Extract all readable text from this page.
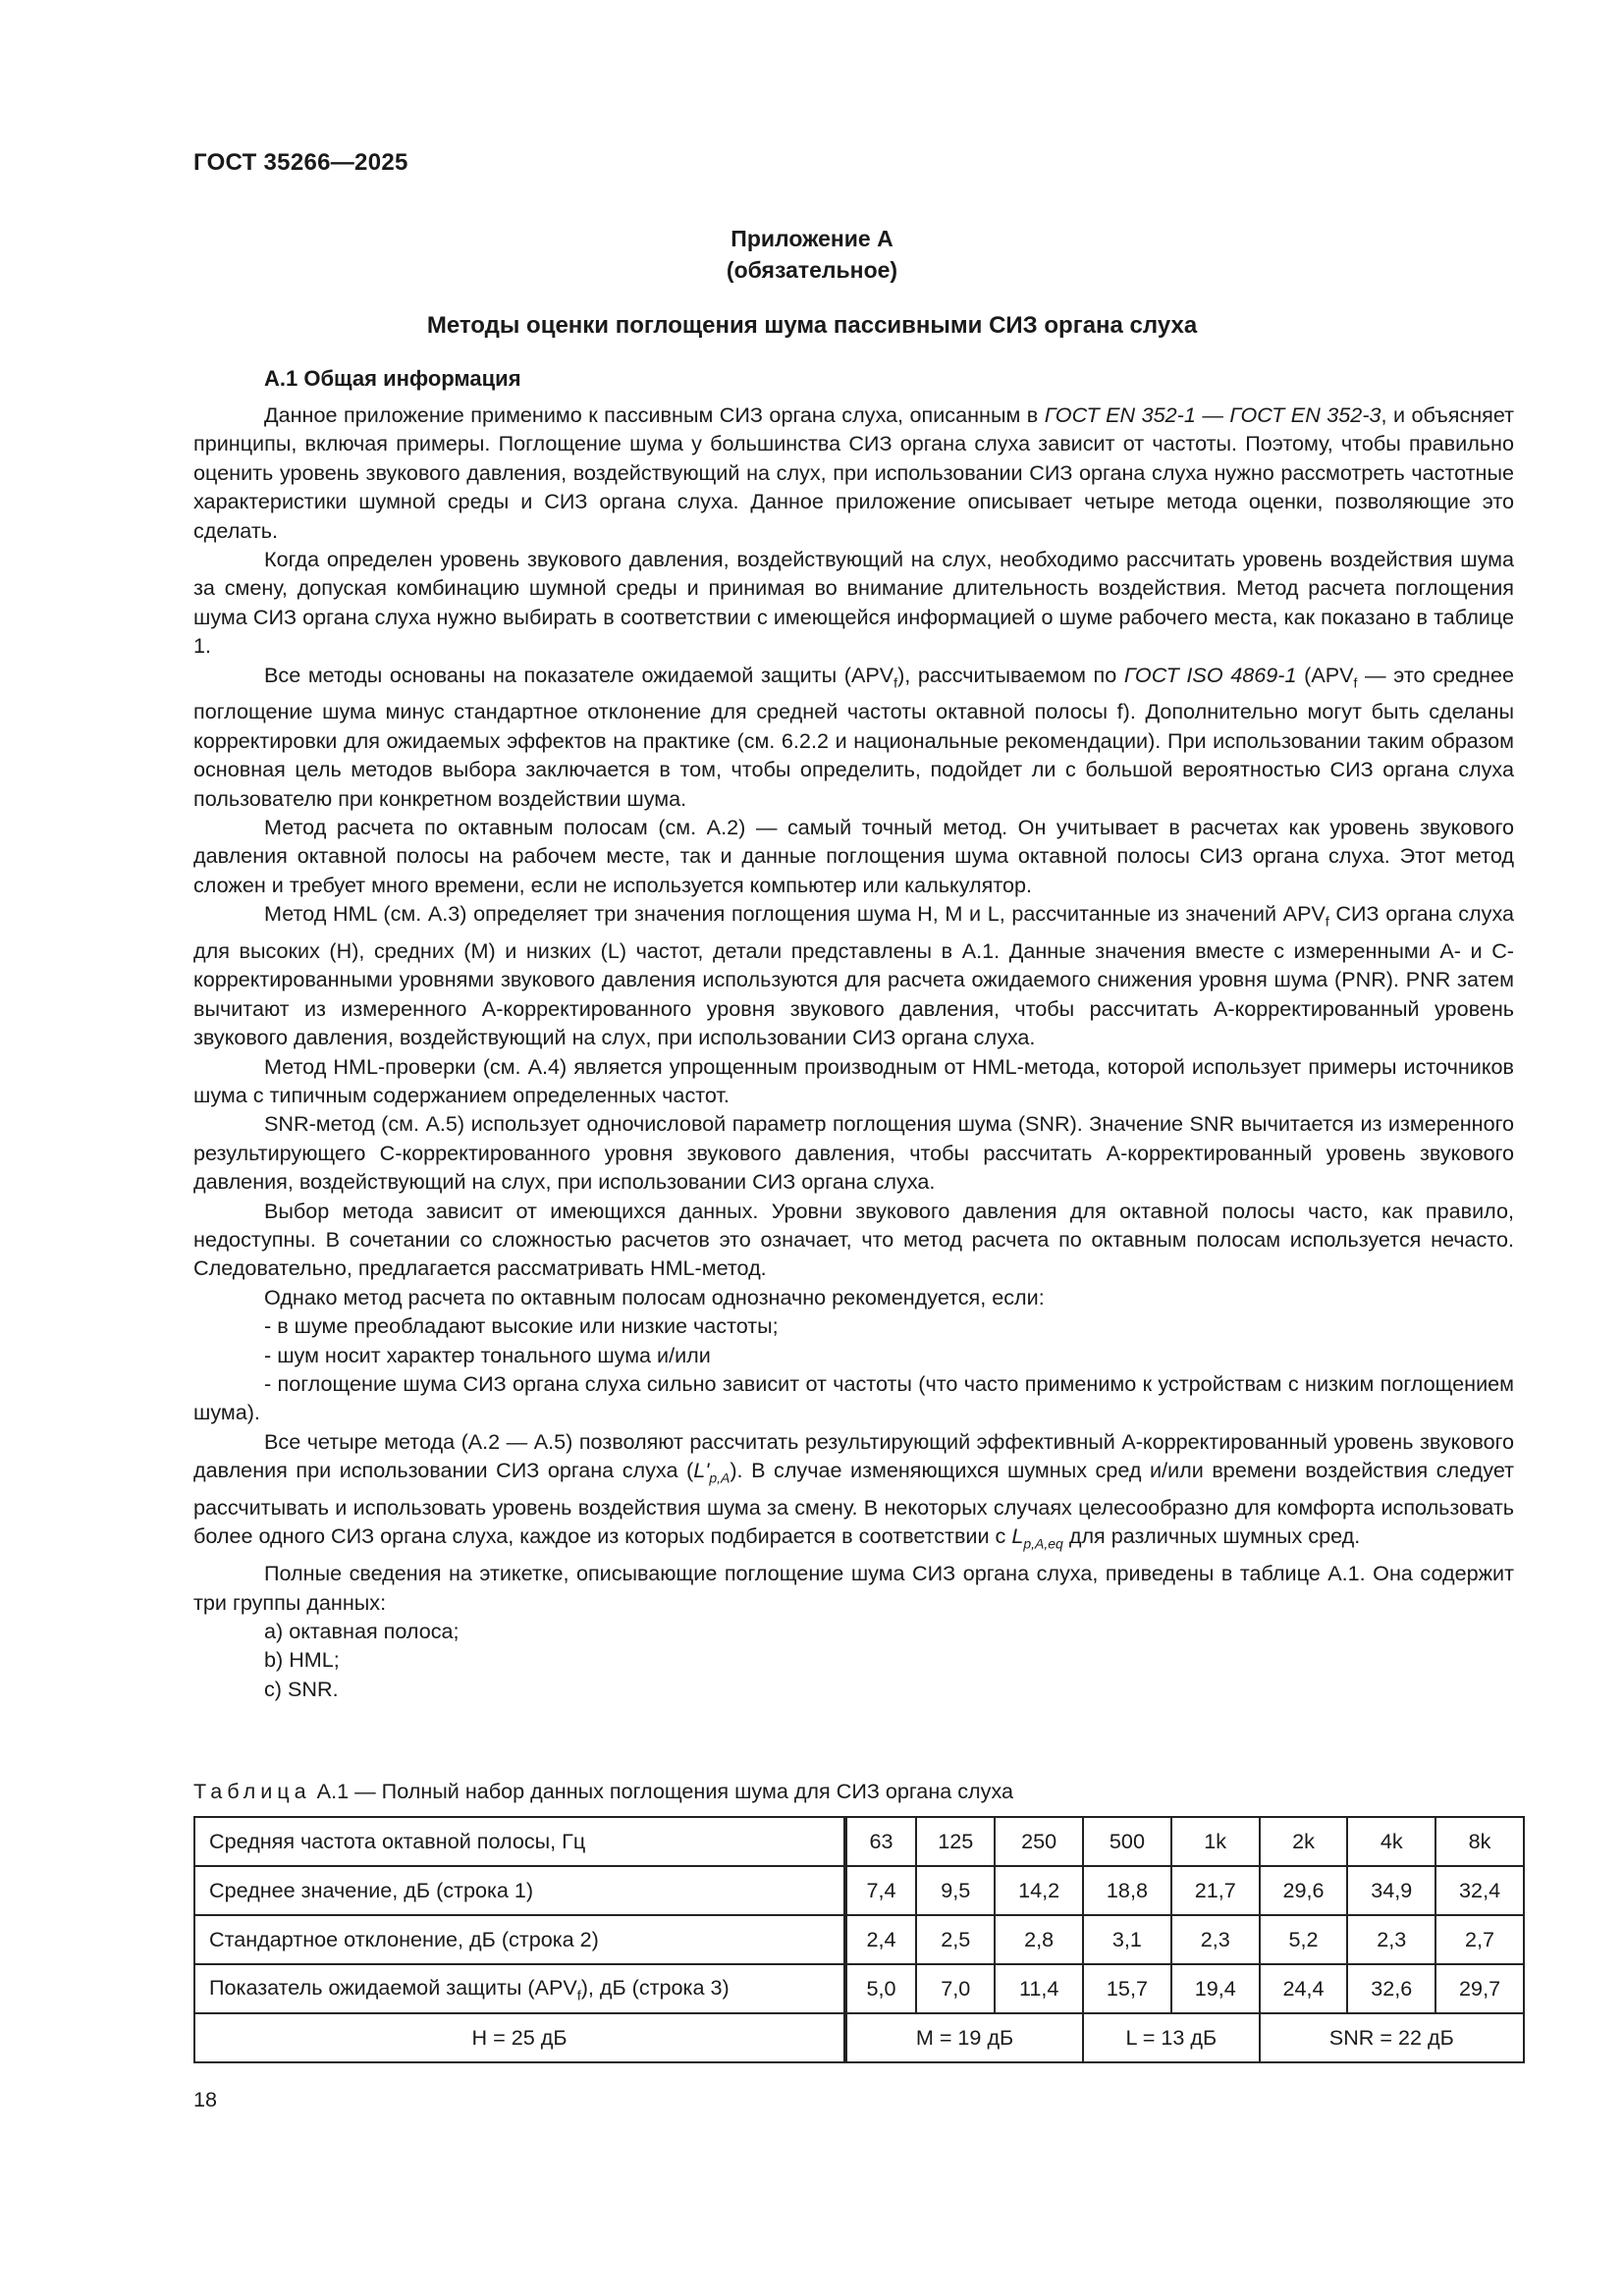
ГОСТ 35266—2025
Приложение А
(обязательное)
Методы оценки поглощения шума пассивными СИЗ органа слуха
А.1 Общая информация

Данное приложение применимо к пассивным СИЗ органа слуха, описанным в ГОСТ EN 352-1 — ГОСТ EN 352-3, и объясняет принципы, включая примеры. Поглощение шума у большинства СИЗ органа слуха зависит от частоты. Поэтому, чтобы правильно оценить уровень звукового давления, воздействующий на слух, при использовании СИЗ органа слуха нужно рассмотреть частотные характеристики шумной среды и СИЗ органа слуха. Данное приложение описывает четыре метода оценки, позволяющие это сделать.

Когда определен уровень звукового давления, воздействующий на слух, необходимо рассчитать уровень воздействия шума за смену, допуская комбинацию шумной среды и принимая во внимание длительность воздействия. Метод расчета поглощения шума СИЗ органа слуха нужно выбирать в соответствии с имеющейся информацией о шуме рабочего места, как показано в таблице 1.

Все методы основаны на показателе ожидаемой защиты $(APV_f)$, рассчитываемом по ГОСТ ISO 4869-1 ($APV_f$ — это среднее поглощение шума минус стандартное отклонение для средней частоты октавной полосы f). Дополнительно могут быть сделаны корректировки для ожидаемых эффектов на практике (см. 6.2.2 и национальные рекомендации). При использовании таким образом основная цель методов выбора заключается в том, чтобы определить, подойдет ли с большой вероятностью СИЗ органа слуха пользователю при конкретном воздействии шума.

Метод расчета по октавным полосам (см. А.2) — самый точный метод. Он учитывает в расчетах как уровень звукового давления октавной полосы на рабочем месте, так и данные поглощения шума октавной полосы СИЗ органа слуха. Этот метод сложен и требует много времени, если не используется компьютер или калькулятор.

Метод HML (см. А.3) определяет три значения поглощения шума H, M и L, рассчитанные из значений $APV_f$ СИЗ органа слуха для высоких (H), средних (M) и низких (L) частот, детали представлены в А.1. Данные значения вместе с измеренными А- и С-корректированными уровнями звукового давления используются для расчета ожидаемого снижения уровня шума (PNR). PNR затем вычитают из измеренного А-корректированного уровня звукового давления, чтобы рассчитать А-корректированный уровень звукового давления, воздействующий на слух, при использовании СИЗ органа слуха.

Метод HML-проверки (см. А.4) является упрощенным производным от HML-метода, которой использует примеры источников шума с типичным содержанием определенных частот.

SNR-метод (см. А.5) использует одночисловой параметр поглощения шума (SNR). Значение SNR вычитается из измеренного результирующего С-корректированного уровня звукового давления, чтобы рассчитать А-корректированный уровень звукового давления, воздействующий на слух, при использовании СИЗ органа слуха.

Выбор метода зависит от имеющихся данных. Уровни звукового давления для октавной полосы часто, как правило, недоступны. В сочетании со сложностью расчетов это означает, что метод расчета по октавным полосам используется нечасто. Следовательно, предлагается рассматривать HML-метод.

Однако метод расчета по октавным полосам однозначно рекомендуется, если:

- в шуме преобладают высокие или низкие частоты;

- шум носит характер тонального шума и/или

- поглощение шума СИЗ органа слуха сильно зависит от частоты (что часто применимо к устройствам с низким поглощением шума).

Все четыре метода (А.2 — А.5) позволяют рассчитать результирующий эффективный А-корректированный уровень звукового давления при использовании СИЗ органа слуха $(L'_{p,A})$. В случае изменяющихся шумных сред и/или времени воздействия следует рассчитывать и использовать уровень воздействия шума за смену. В некоторых случаях целесообразно для комфорта использовать более одного СИЗ органа слуха, каждое из которых подбирается в соответствии с $L_{p,A,eq}$ для различных шумных сред.

Полные сведения на этикетке, описывающие поглощение шума СИЗ органа слуха, приведены в таблице А.1. Она содержит три группы данных:

a) октавная полоса;

b) HML;

c) SNR.

Таблица А.1 — Полный набор данных поглощения шума для СИЗ органа слуха
Средняя частота октавной полосы, Гц	63	125	250	500	1k	2k	4k	8k
Среднее значение, дБ (строка 1)	7,4	9,5	14,2	18,8	21,7	29,6	34,9	32,4
Стандартное отклонение, дБ (строка 2)	2,4	2,5	2,8	3,1	2,3	5,2	2,3	2,7
Показатель ожидаемой защиты $(APV_f)$, дБ (строка 3)	5,0	7,0	11,4	15,7	19,4	24,4	32,6	29,7
H = 25 дБ	M = 19 дБ			L = 13 дБ		SNR = 22 дБ		
18
